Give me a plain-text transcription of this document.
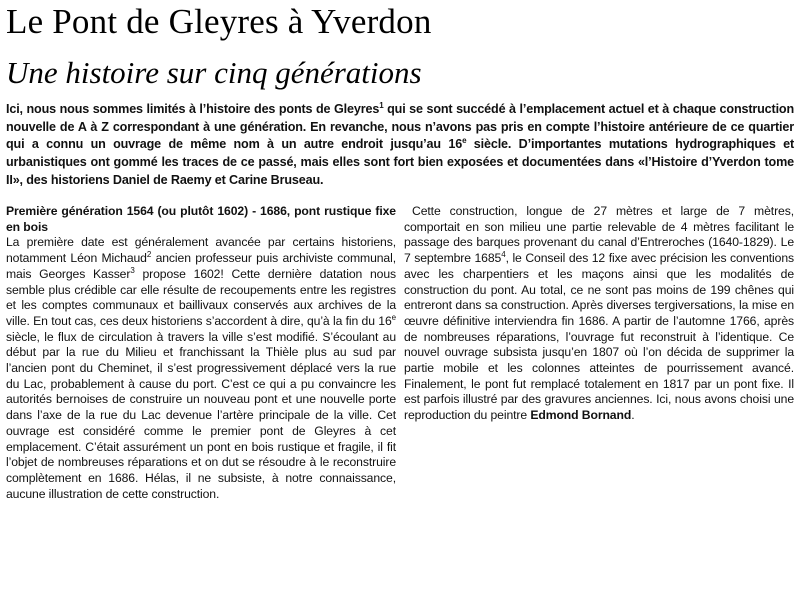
Le Pont de Gleyres à Yverdon
Une histoire sur cinq générations

Ici, nous nous sommes limités à l’histoire des ponts de Gleyres$^1$ qui se sont succédé à l’emplacement actuel et à chaque construction nouvelle de A à Z correspondant à une génération. En revanche, nous n’avons pas pris en compte l’histoire antérieure de ce quartier qui a connu un ouvrage de même nom à un autre endroit jusqu’au 16e siècle. D’importantes mutations hydrographiques et urbanistiques ont gommé les traces de ce passé, mais elles sont fort bien exposées et documentées dans «l’Histoire d’Yverdon tome II», des historiens Daniel de Raemy et Carine Bruseau.

Première génération 1564 (ou plutôt 1602) - 1686, pont rustique fixe en bois
La première date est généralement avancée par certains historiens, notamment Léon Michaud$^2$ ancien professeur puis archiviste communal, mais Georges Kasser$^3$ propose 1602! Cette dernière datation nous semble plus crédible car elle résulte de recoupements entre les registres et les comptes communaux et baillivaux conservés aux archives de la ville. En tout cas, ces deux historiens s’accordent à dire, qu’à la fin du 16e siècle, le flux de circulation à travers la ville s’est modifié. S’écoulant au début par la rue du Milieu et franchissant la Thièle plus au sud par l’ancien pont du Cheminet, il s’est progressivement déplacé vers la rue du Lac, probablement à cause du port. C’est ce qui a pu convaincre les autorités bernoises de construire un nouveau pont et une nouvelle porte dans l’axe de la rue du Lac devenue l’artère principale de la ville. Cet ouvrage est considéré comme le premier pont de Gleyres à cet emplacement. C’était assurément un pont en bois rustique et fragile, il fit l’objet de nombreuses réparations et on dut se résoudre à le reconstruire complètement en 1686. Hélas, il ne subsiste, à notre connaissance, aucune illustration de cette construction.
Cette construction, longue de 27 mètres et large de 7 mètres, comportait en son milieu une partie relevable de 4 mètres facilitant le passage des barques provenant du canal d’Entreroches (1640-1829). Le 7 septembre 1685$^4$, le Conseil des 12 fixe avec précision les conventions avec les charpentiers et les maçons ainsi que les modalités de construction du pont. Au total, ce ne sont pas moins de 199 chênes qui entreront dans sa construction. Après diverses tergiversations, la mise en œuvre définitive interviendra fin 1686. A partir de l’automne 1766, après de nombreuses réparations, l’ouvrage fut reconstruit à l’identique. Ce nouvel ouvrage subsista jusqu’en 1807 où l’on décida de supprimer la partie mobile et les colonnes atteintes de pourrissement avancé. Finalement, le pont fut remplacé totalement en 1817 par un pont fixe. Il est parfois illustré par des gravures anciennes. Ici, nous avons choisi une reproduction du peintre Edmond Bornand.
